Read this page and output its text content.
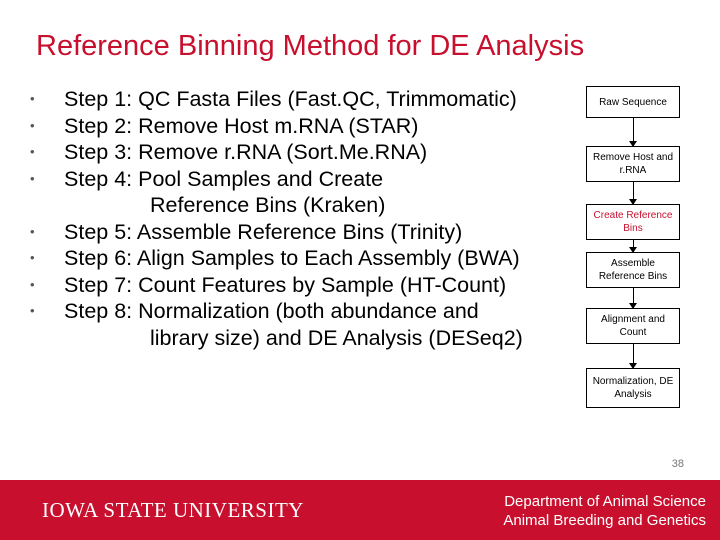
Reference Binning Method for DE Analysis
• Step 1: QC Fasta Files (Fast.QC, Trimmomatic)
• Step 2: Remove Host m.RNA (STAR)
• Step 3: Remove r.RNA (Sort.Me.RNA)
• Step 4: Pool Samples and Create
Reference Bins (Kraken)
• Step 5: Assemble Reference Bins (Trinity)
• Step 6: Align Samples to Each Assembly (BWA)
• Step 7: Count Features by Sample (HT-Count)
• Step 8: Normalization (both abundance and
library size) and DE Analysis (DESeq2)
Raw Sequence
Remove Host and r.RNA
Create Reference Bins
Assemble Reference Bins
Alignment and Count
Normalization, DE Analysis
38
IOWA STATE UNIVERSITY	Department of Animal Science
Animal Breeding and Genetics
